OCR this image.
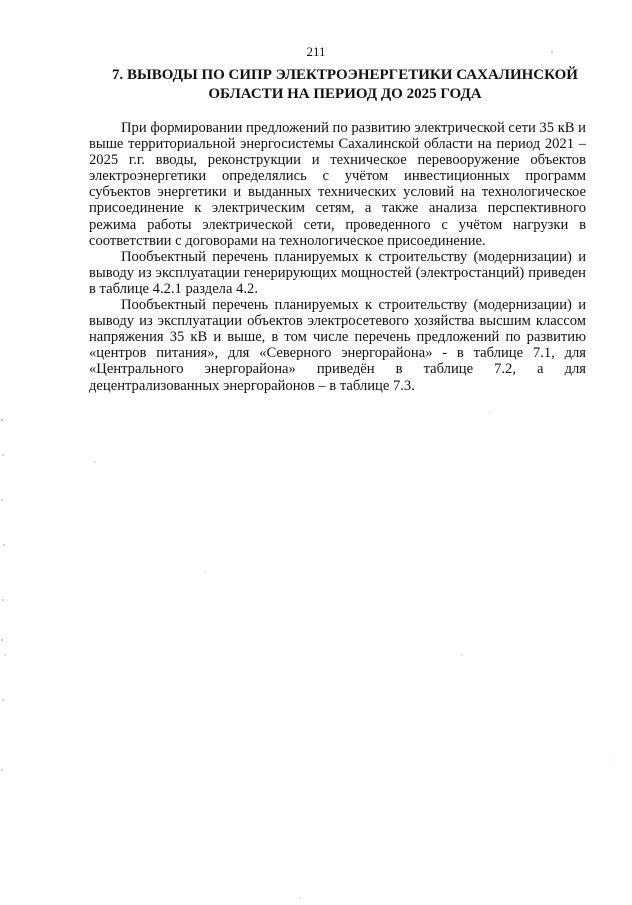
211
7. ВЫВОДЫ ПО СИПР ЭЛЕКТРОЭНЕРГЕТИКИ САХАЛИНСКОЙ
ОБЛАСТИ НА ПЕРИОД ДО 2025 ГОДА

При формировании предложений по развитию электрической сети 35 кВ и выше территориальной энергосистемы Сахалинской области на период 2021 – 2025 г.г. вводы, реконструкции и техническое перевооружение объектов электроэнергетики определялись с учётом инвестиционных программ субъектов энергетики и выданных технических условий на технологическое присоединение к электрическим сетям, а также анализа перспективного режима работы электрической сети, проведенного с учётом нагрузки в соответствии с договорами на технологическое присоединение.

Пообъектный перечень планируемых к строительству (модернизации) и выводу из эксплуатации генерирующих мощностей (электростанций) приведен в таблице 4.2.1 раздела 4.2.

Пообъектный перечень планируемых к строительству (модернизации) и выводу из эксплуатации объектов электросетевого хозяйства высшим классом напряжения 35 кВ и выше, в том числе перечень предложений по развитию «центров питания», для «Северного энергорайона» - в таблице 7.1, для «Центрального энергорайона» приведён в таблице 7.2, а для децентрализованных энергорайонов – в таблице 7.3.
